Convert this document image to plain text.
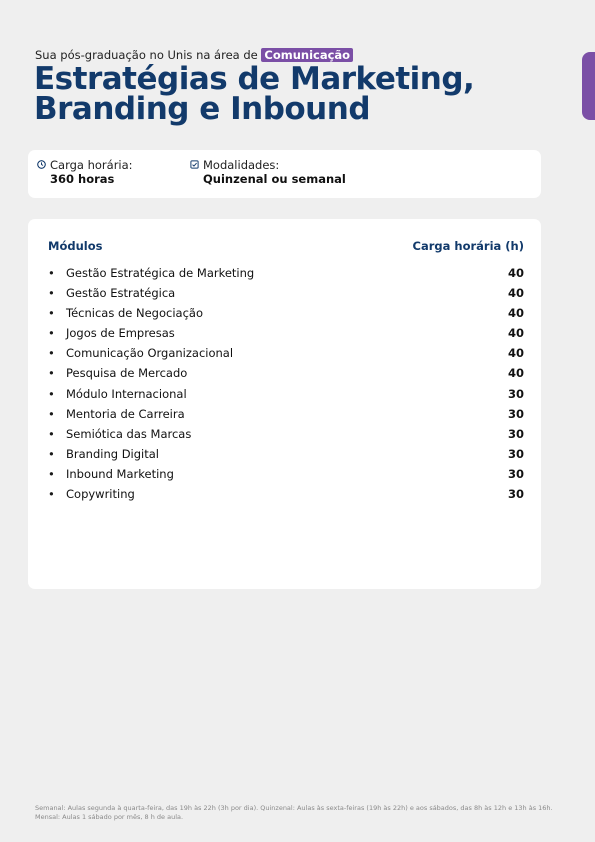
Sua pós-graduação no Unis na área de Comunicação
Estratégias de Marketing,
Branding e Inbound
Carga horária:
360 horas
Modalidades:
Quinzenal ou semanal
Módulos	Carga horária (h)
• Gestão Estratégica de Marketing	40
• Gestão Estratégica	40
• Técnicas de Negociação	40
• Jogos de Empresas	40
• Comunicação Organizacional	40
• Pesquisa de Mercado	40
• Módulo Internacional	30
• Mentoria de Carreira	30
• Semiótica das Marcas	30
• Branding Digital	30
• Inbound Marketing	30
• Copywriting	30
Semanal: Aulas segunda à quarta-feira, das 19h às 22h (3h por dia). Quinzenal: Aulas às sexta-feiras (19h às 22h) e aos sábados, das 8h às 12h e 13h às 16h.
Mensal: Aulas 1 sábado por mês, 8 h de aula.
